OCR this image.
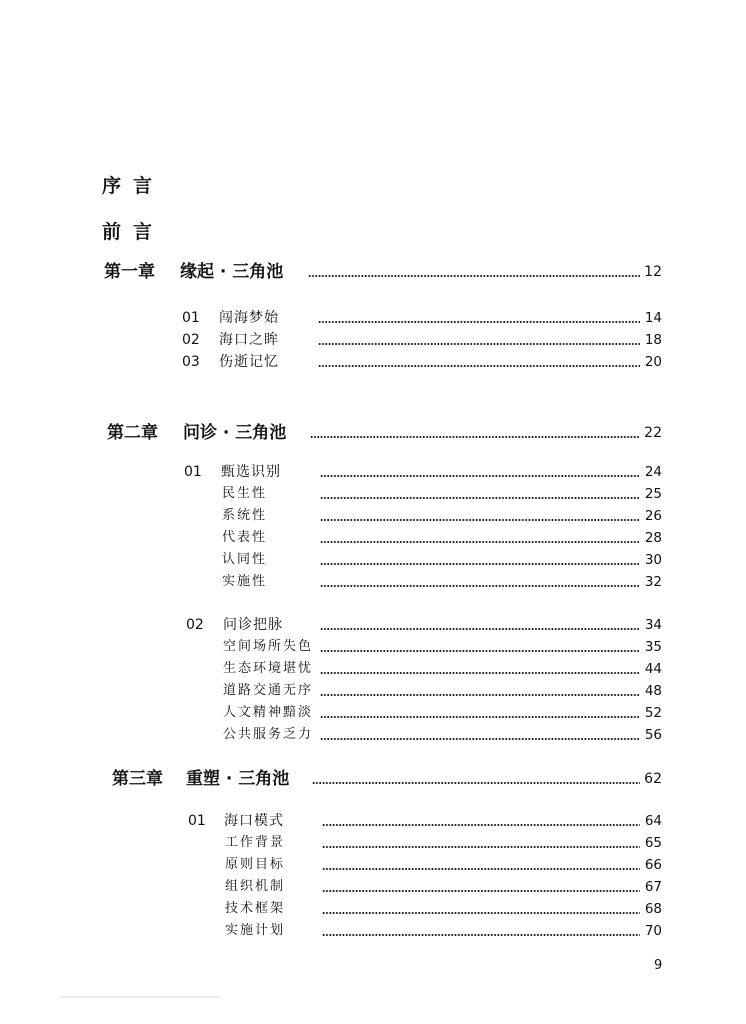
序言
前言
第一章 缘起 · 三角池	12
01 闯海梦始	14
02 海口之眸	18
03 伤逝记忆	20
第二章 问诊 · 三角池	22
01 甄选识别	24
民生性	25
系统性	26
代表性	28
认同性	30
实施性	32
02 问诊把脉	34
空间场所失色	35
生态环境堪忧	44
道路交通无序	48
人文精神黯淡	52
公共服务乏力	56
第三章 重塑 · 三角池	62
01 海口模式	64
工作背景	65
原则目标	66
组织机制	67
技术框架	68
实施计划	70
9
